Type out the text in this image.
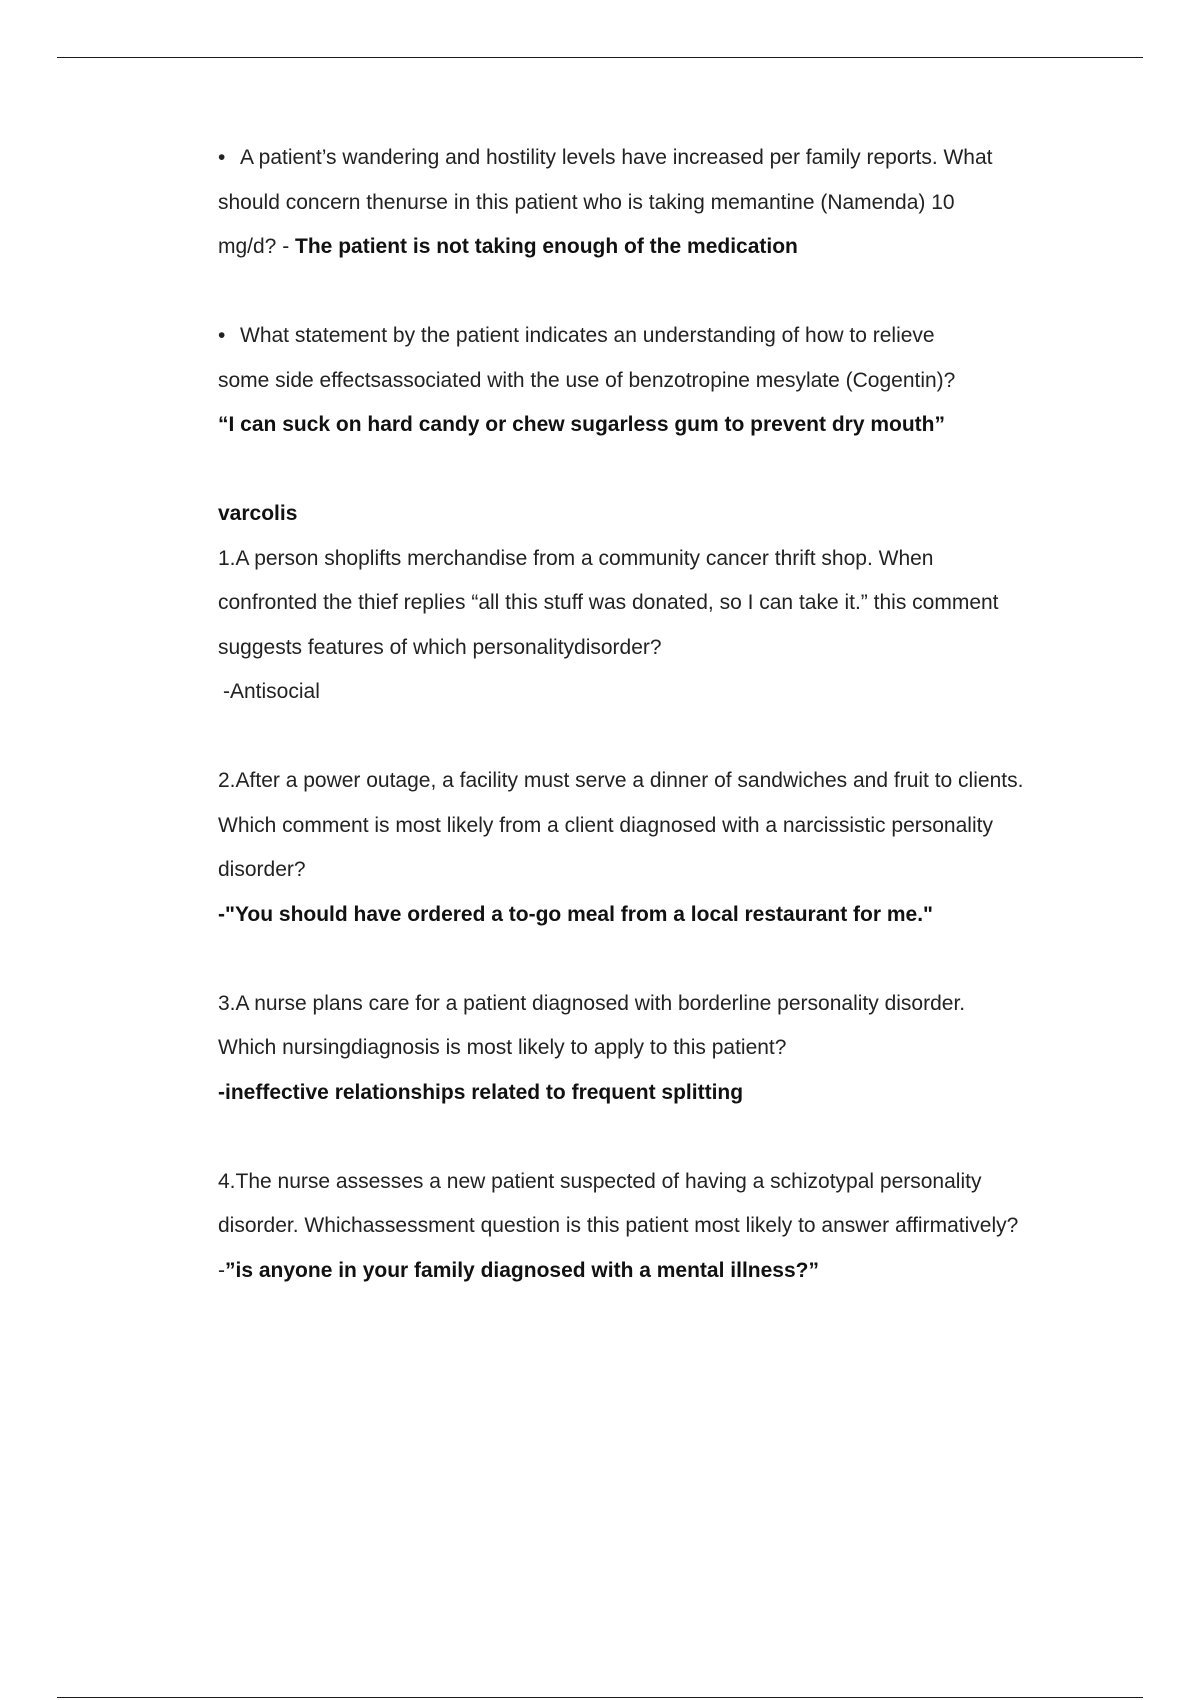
• A patient’s wandering and hostility levels have increased per family reports. What
should concern thenurse in this patient who is taking memantine (Namenda) 10
mg/d? - The patient is not taking enough of the medication
• What statement by the patient indicates an understanding of how to relieve
some side effectsassociated with the use of benzotropine mesylate (Cogentin)?
“I can suck on hard candy or chew sugarless gum to prevent dry mouth”
varcolis
1.A person shoplifts merchandise from a community cancer thrift shop. When
confronted the thief replies “all this stuff was donated, so I can take it.” this comment
suggests features of which personalitydisorder?
-Antisocial
2.After a power outage, a facility must serve a dinner of sandwiches and fruit to clients.
Which comment is most likely from a client diagnosed with a narcissistic personality
disorder?
-"You should have ordered a to-go meal from a local restaurant for me."
3.A nurse plans care for a patient diagnosed with borderline personality disorder.
Which nursingdiagnosis is most likely to apply to this patient?
-ineffective relationships related to frequent splitting
4.The nurse assesses a new patient suspected of having a schizotypal personality
disorder. Whichassessment question is this patient most likely to answer affirmatively?
-”is anyone in your family diagnosed with a mental illness?”
